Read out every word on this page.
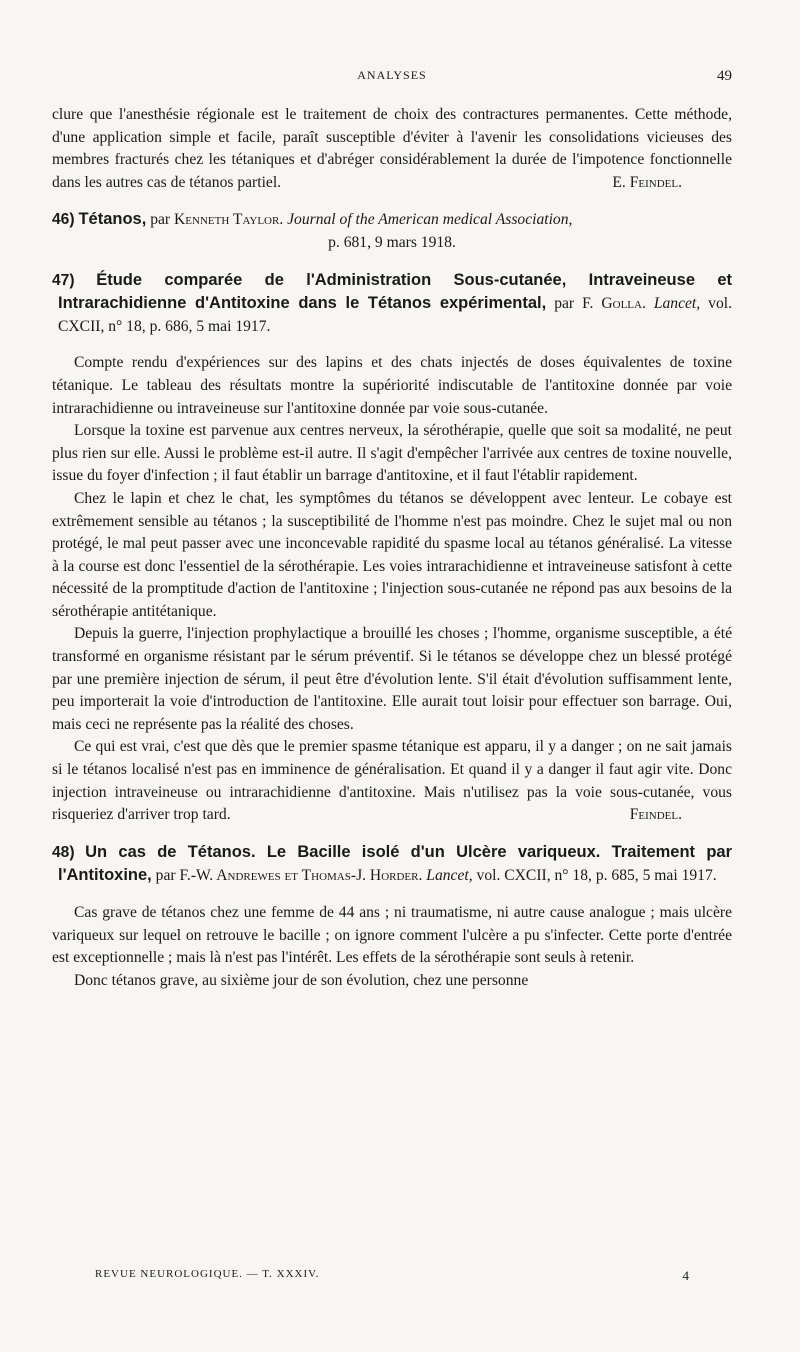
ANALYSES	49

clure que l'anesthésie régionale est le traitement de choix des contractures permanentes. Cette méthode, d'une application simple et facile, paraît susceptible d'éviter à l'avenir les consolidations vicieuses des membres fracturés chez les tétaniques et d'abréger considérablement la durée de l'impotence fonctionnelle dans les autres cas de tétanos partiel.	E. Feindel.

46) Tétanos, par Kenneth Taylor. Journal of the American medical Association,

p. 681, 9 mars 1918.

47) Étude comparée de l'Administration Sous-cutanée, Intraveineuse et Intrarachidienne d'Antitoxine dans le Tétanos expérimental, par F. Golla. Lancet, vol. CXCII, n° 18, p. 686, 5 mai 1917.

Compte rendu d'expériences sur des lapins et des chats injectés de doses équivalentes de toxine tétanique. Le tableau des résultats montre la supériorité indiscutable de l'antitoxine donnée par voie intrarachidienne ou intraveineuse sur l'antitoxine donnée par voie sous-cutanée.

Lorsque la toxine est parvenue aux centres nerveux, la sérothérapie, quelle que soit sa modalité, ne peut plus rien sur elle. Aussi le problème est-il autre. Il s'agit d'empêcher l'arrivée aux centres de toxine nouvelle, issue du foyer d'infection ; il faut établir un barrage d'antitoxine, et il faut l'établir rapidement.

Chez le lapin et chez le chat, les symptômes du tétanos se développent avec lenteur. Le cobaye est extrêmement sensible au tétanos ; la susceptibilité de l'homme n'est pas moindre. Chez le sujet mal ou non protégé, le mal peut passer avec une inconcevable rapidité du spasme local au tétanos généralisé. La vitesse à la course est donc l'essentiel de la sérothérapie. Les voies intrarachidienne et intraveineuse satisfont à cette nécessité de la promptitude d'action de l'antitoxine ; l'injection sous-cutanée ne répond pas aux besoins de la sérothérapie antitétanique.

Depuis la guerre, l'injection prophylactique a brouillé les choses ; l'homme, organisme susceptible, a été transformé en organisme résistant par le sérum préventif. Si le tétanos se développe chez un blessé protégé par une première injection de sérum, il peut être d'évolution lente. S'il était d'évolution suffisamment lente, peu importerait la voie d'introduction de l'antitoxine. Elle aurait tout loisir pour effectuer son barrage. Oui, mais ceci ne représente pas la réalité des choses.

Ce qui est vrai, c'est que dès que le premier spasme tétanique est apparu, il y a danger ; on ne sait jamais si le tétanos localisé n'est pas en imminence de généralisation. Et quand il y a danger il faut agir vite. Donc injection intraveineuse ou intrarachidienne d'antitoxine. Mais n'utilisez pas la voie sous-cutanée, vous risqueriez d'arriver trop tard.	Feindel.

48) Un cas de Tétanos. Le Bacille isolé d'un Ulcère variqueux. Traitement par l'Antitoxine, par F.-W. Andrewes et Thomas-J. Horder. Lancet, vol. CXCII, n° 18, p. 685, 5 mai 1917.

Cas grave de tétanos chez une femme de 44 ans ; ni traumatisme, ni autre cause analogue ; mais ulcère variqueux sur lequel on retrouve le bacille ; on ignore comment l'ulcère a pu s'infecter. Cette porte d'entrée est exceptionnelle ; mais là n'est pas l'intérêt. Les effets de la sérothérapie sont seuls à retenir.

Donc tétanos grave, au sixième jour de son évolution, chez une personne

REVUE NEUROLOGIQUE. — T. XXXIV.	4
